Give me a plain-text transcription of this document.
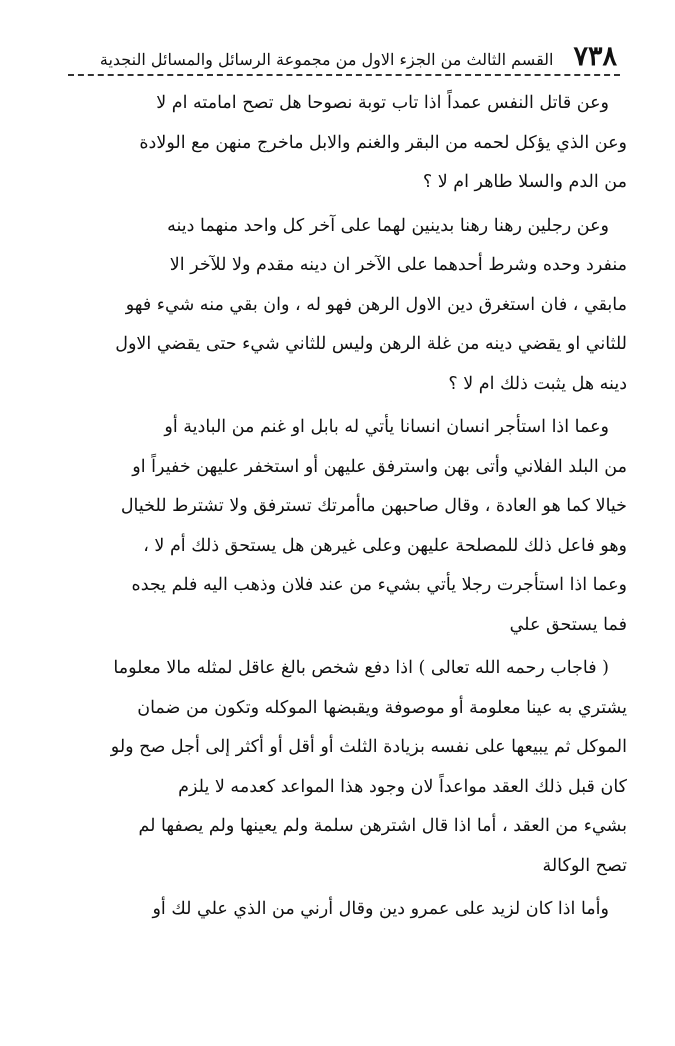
٧٣٨
القسم الثالث من الجزء الاول من مجموعة الرسائل والمسائل النجدية

وعن قاتل النفس عمداً اذا تاب توبة نصوحا هل تصح امامته ام لا
وعن الذي يؤكل لحمه من البقر والغنم والابل ماخرج منهن مع الولادة
من الدم والسلا طاهر ام لا ؟

وعن رجلين رهنا رهنا بدينين لهما على آخر كل واحد منهما دينه
منفرد وحده وشرط أحدهما على الآخر ان دينه مقدم ولا للآخر الا
مابقي ، فان استغرق دين الاول الرهن فهو له ، وان بقي منه شيء فهو
للثاني او يقضي دينه من غلة الرهن وليس للثاني شيء حتى يقضي الاول
دينه هل يثبت ذلك ام لا ؟

وعما اذا استأجر انسان انسانا يأتي له بابل او غنم من البادية أو
من البلد الفلاني وأتى بهن واسترفق عليهن أو استخفر عليهن خفيراً او
خيالا كما هو العادة ، وقال صاحبهن ماأمرتك تسترفق ولا تشترط للخيال
وهو فاعل ذلك للمصلحة عليهن وعلى غيرهن هل يستحق ذلك أم لا ،
وعما اذا استأجرت رجلا يأتي بشيء من عند فلان وذهب اليه فلم يجده
فما يستحق علي

( فاجاب رحمه الله تعالى ) اذا دفع شخص بالغ عاقل لمثله مالا معلوما
يشتري به عينا معلومة أو موصوفة ويقبضها الموكله وتكون من ضمان
الموكل ثم يبيعها على نفسه بزيادة الثلث أو أقل أو أكثر إلى أجل صح ولو
كان قبل ذلك العقد مواعداً لان وجود هذا المواعد كعدمه لا يلزم
بشيء من العقد ، أما اذا قال اشترهن سلمة ولم يعينها ولم يصفها لم
تصح الوكالة

وأما اذا كان لزيد على عمرو دين وقال أرني من الذي علي لك أو
